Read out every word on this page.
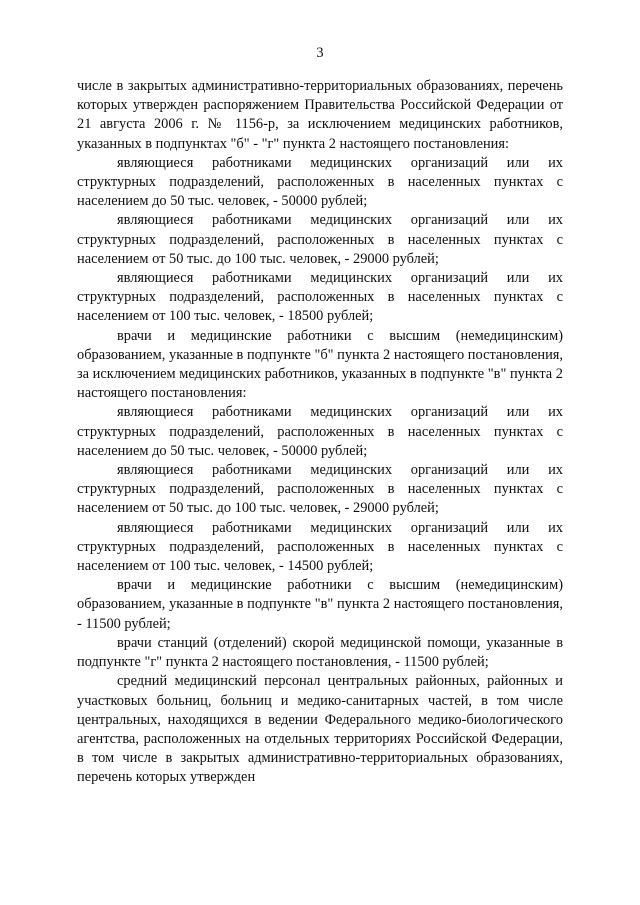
3

числе в закрытых административно-территориальных образованиях, перечень которых утвержден распоряжением Правительства Российской Федерации от 21 августа 2006 г. № 1156-р, за исключением медицинских работников, указанных в подпунктах "б" - "г" пункта 2 настоящего постановления:

являющиеся работниками медицинских организаций или их структурных подразделений, расположенных в населенных пунктах с населением до 50 тыс. человек, - 50000 рублей;

являющиеся работниками медицинских организаций или их структурных подразделений, расположенных в населенных пунктах с населением от 50 тыс. до 100 тыс. человек, - 29000 рублей;

являющиеся работниками медицинских организаций или их структурных подразделений, расположенных в населенных пунктах с населением от 100 тыс. человек, - 18500 рублей;

врачи и медицинские работники с высшим (немедицинским) образованием, указанные в подпункте "б" пункта 2 настоящего постановления, за исключением медицинских работников, указанных в подпункте "в" пункта 2 настоящего постановления:

являющиеся работниками медицинских организаций или их структурных подразделений, расположенных в населенных пунктах с населением до 50 тыс. человек, - 50000 рублей;

являющиеся работниками медицинских организаций или их структурных подразделений, расположенных в населенных пунктах с населением от 50 тыс. до 100 тыс. человек, - 29000 рублей;

являющиеся работниками медицинских организаций или их структурных подразделений, расположенных в населенных пунктах с населением от 100 тыс. человек, - 14500 рублей;

врачи и медицинские работники с высшим (немедицинским) образованием, указанные в подпункте "в" пункта 2 настоящего постановления, - 11500 рублей;

врачи станций (отделений) скорой медицинской помощи, указанные в подпункте "г" пункта 2 настоящего постановления, - 11500 рублей;

средний медицинский персонал центральных районных, районных и участковых больниц, больниц и медико-санитарных частей, в том числе центральных, находящихся в ведении Федерального медико-биологического агентства, расположенных на отдельных территориях Российской Федерации, в том числе в закрытых административно-территориальных образованиях, перечень которых утвержден
